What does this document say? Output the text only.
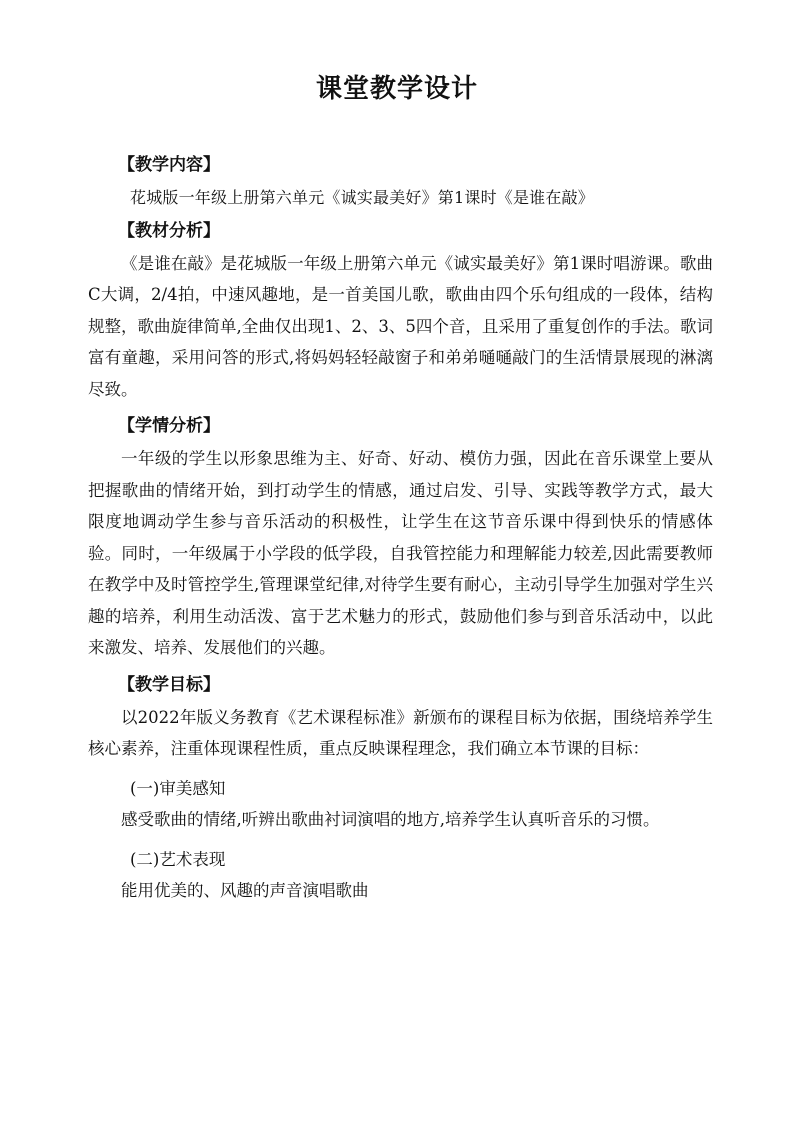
课堂教学设计
【教学内容】
花城版一年级上册第六单元《诚实最美好》第1课时《是谁在敲》
【教材分析】
《是谁在敲》是花城版一年级上册第六单元《诚实最美好》第1课时唱游课。歌曲C大调，2/4拍，中速风趣地，是一首美国儿歌，歌曲由四个乐句组成的一段体，结构规整，歌曲旋律简单,全曲仅出现1、2、3、5四个音，且采用了重复创作的手法。歌词富有童趣，采用问答的形式,将妈妈轻轻敲窗子和弟弟嗵嗵敲门的生活情景展现的淋漓尽致。
【学情分析】
一年级的学生以形象思维为主、好奇、好动、模仿力强，因此在音乐课堂上要从把握歌曲的情绪开始，到打动学生的情感，通过启发、引导、实践等教学方式，最大限度地调动学生参与音乐活动的积极性，让学生在这节音乐课中得到快乐的情感体验。同时，一年级属于小学段的低学段，自我管控能力和理解能力较差,因此需要教师在教学中及时管控学生,管理课堂纪律,对待学生要有耐心，主动引导学生加强对学生兴趣的培养，利用生动活泼、富于艺术魅力的形式，鼓励他们参与到音乐活动中，以此来激发、培养、发展他们的兴趣。
【教学目标】
以2022年版义务教育《艺术课程标准》新颁布的课程目标为依据，围绕培养学生核心素养，注重体现课程性质，重点反映课程理念，我们确立本节课的目标：
(一)审美感知
感受歌曲的情绪,听辨出歌曲衬词演唱的地方,培养学生认真听音乐的习惯。
(二)艺术表现
能用优美的、风趣的声音演唱歌曲
